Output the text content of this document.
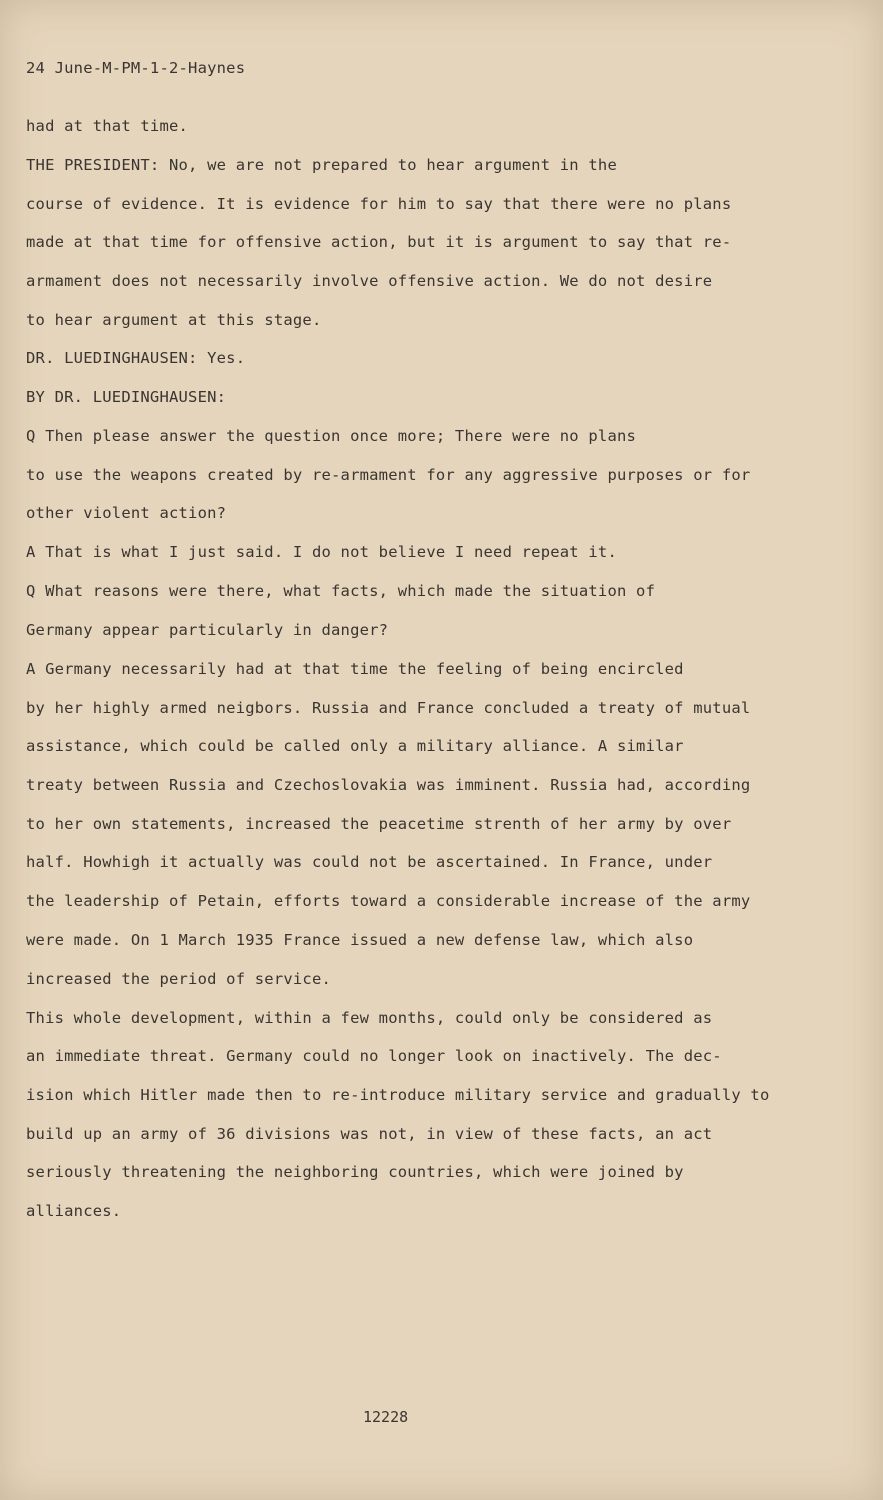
24 June-M-PM-1-2-Haynes
had at that time.
THE PRESIDENT: No, we are not prepared to hear argument in the
course of evidence. It is evidence for him to say that there were no plans
made at that time for offensive action, but it is argument to say that re-
armament does not necessarily involve offensive action. We do not desire
to hear argument at this stage.
DR. LUEDINGHAUSEN: Yes.
BY DR. LUEDINGHAUSEN:
Q Then please answer the question once more; There were no plans
to use the weapons created by re-armament for any aggressive purposes or for
other violent action?
A That is what I just said. I do not believe I need repeat it.
Q What reasons were there, what facts, which made the situation of
Germany appear particularly in danger?
A Germany necessarily had at that time the feeling of being encircled
by her highly armed neigbors. Russia and France concluded a treaty of mutual
assistance, which could be called only a military alliance. A similar
treaty between Russia and Czechoslovakia was imminent. Russia had, according
to her own statements, increased the peacetime strenth of her army by over
half. Howhigh it actually was could not be ascertained. In France, under
the leadership of Petain, efforts toward a considerable increase of the army
were made. On 1 March 1935 France issued a new defense law, which also
increased the period of service.
This whole development, within a few months, could only be considered as
an immediate threat. Germany could no longer look on inactively. The dec-
ision which Hitler made then to re-introduce military service and gradually to
build up an army of 36 divisions was not, in view of these facts, an act
seriously threatening the neighboring countries, which were joined by
alliances.
12228
